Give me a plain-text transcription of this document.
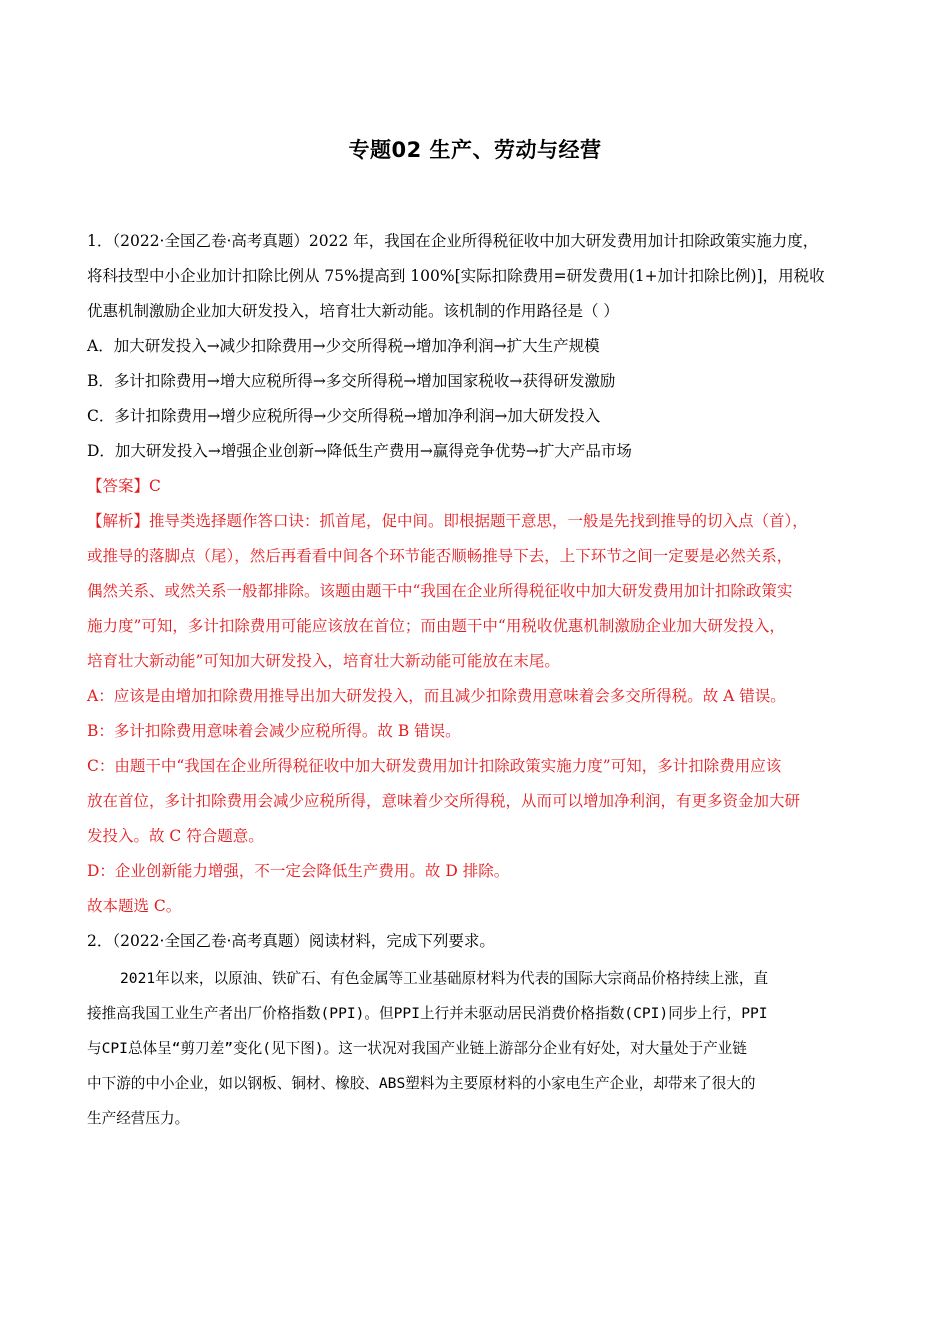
专题02 生产、劳动与经营
1．（2022·全国乙卷·高考真题）2022 年，我国在企业所得税征收中加大研发费用加计扣除政策实施力度，
将科技型中小企业加计扣除比例从 75%提高到 100%[实际扣除费用=研发费用(1+加计扣除比例)]，用税收
优惠机制激励企业加大研发投入，培育壮大新动能。该机制的作用路径是（ ）
A．加大研发投入→减少扣除费用→少交所得税→增加净利润→扩大生产规模
B．多计扣除费用→增大应税所得→多交所得税→增加国家税收→获得研发激励
C．多计扣除费用→增少应税所得→少交所得税→增加净利润→加大研发投入
D．加大研发投入→增强企业创新→降低生产费用→赢得竞争优势→扩大产品市场
【答案】C
【解析】推导类选择题作答口诀：抓首尾，促中间。即根据题干意思，一般是先找到推导的切入点（首），
或推导的落脚点（尾），然后再看看中间各个环节能否顺畅推导下去，上下环节之间一定要是必然关系，
偶然关系、或然关系一般都排除。该题由题干中“我国在企业所得税征收中加大研发费用加计扣除政策实
施力度”可知，多计扣除费用可能应该放在首位；而由题干中“用税收优惠机制激励企业加大研发投入，
培育壮大新动能”可知加大研发投入，培育壮大新动能可能放在末尾。
A：应该是由增加扣除费用推导出加大研发投入，而且减少扣除费用意味着会多交所得税。故 A 错误。
B：多计扣除费用意味着会减少应税所得。故 B 错误。
C：由题干中“我国在企业所得税征收中加大研发费用加计扣除政策实施力度”可知，多计扣除费用应该
放在首位，多计扣除费用会减少应税所得，意味着少交所得税，从而可以增加净利润，有更多资金加大研
发投入。故 C 符合题意。
D：企业创新能力增强，不一定会降低生产费用。故 D 排除。
故本题选 C。
2．（2022·全国乙卷·高考真题）阅读材料，完成下列要求。
2021年以来，以原油、铁矿石、有色金属等工业基础原材料为代表的国际大宗商品价格持续上涨，直
接推高我国工业生产者出厂价格指数(PPI)。但PPI上行并未驱动居民消费价格指数(CPI)同步上行，PPI
与CPI总体呈“剪刀差”变化(见下图)。这一状况对我国产业链上游部分企业有好处，对大量处于产业链
中下游的中小企业，如以钢板、铜材、橡胶、ABS塑料为主要原材料的小家电生产企业，却带来了很大的
生产经营压力。
